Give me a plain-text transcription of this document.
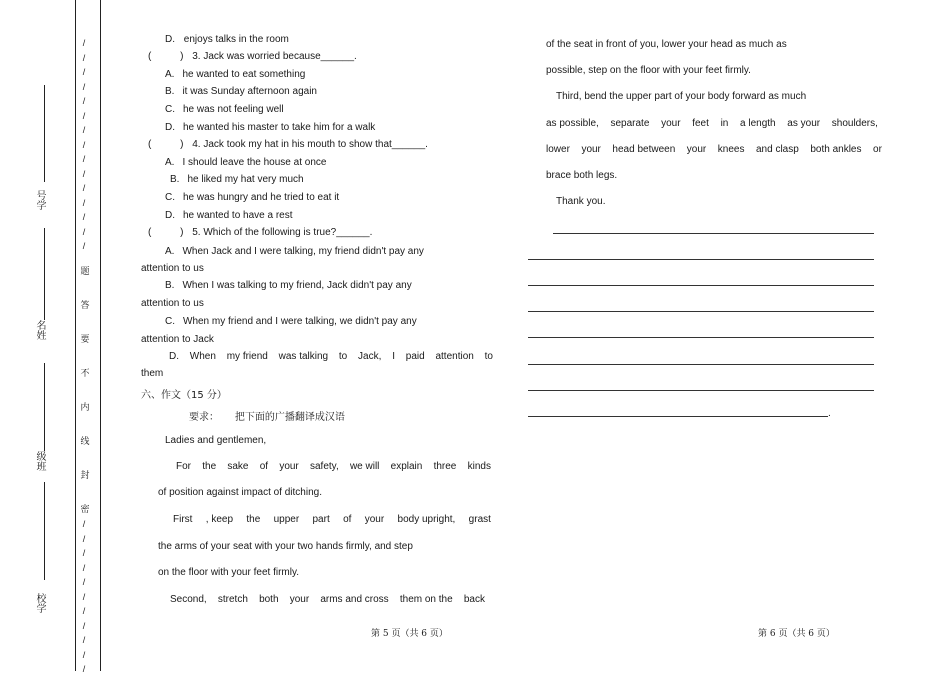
号学
名姓
级班
校学
/
/
/
/
/
/
/
/
/
/
/
/
/
/
/
题
答
要
不
内
线
封
密
/
/
/
/
/
/
/
/
/
/
/
D. enjoys talks in the room
(	) 3. Jack was worried because______.
A. he wanted to eat something
B. it was Sunday afternoon again
C. he was not feeling well
D. he wanted his master to take him for a walk
(	) 4. Jack took my hat in his mouth to show that______.
A. I should leave the house at once
B. he liked my hat very much
C. he was hungry and he tried to eat it
D. he wanted to have a rest
(	) 5. Which of the following is true?______.
A. When Jack and I were talking, my friend didn't pay any
attention to us
B. When I was talking to my friend, Jack didn't pay any
attention to us
C. When my friend and I were talking, we didn't pay any
attention to Jack
D. When my friend was talking to Jack, I paid attention to
them
六、作文（15 分）
要求：     把下面的广播翻译成汉语
Ladies and gentlemen,
For the sake of your safety, we will explain three kinds
of position against impact of ditching.
First , keep the upper part of your body upright, grast
the arms of your seat with your two hands firmly, and step
on the floor with your feet firmly.
Second, stretch both your arms and cross them on the back
of the seat in front of you, lower your head as much as
possible, step on the floor with your feet firmly.
Third, bend the upper part of your body forward as much
as possible, separate your feet in a length as your shoulders,
lower your head between your knees and clasp both ankles or
brace both legs.
Thank you.
.
第 5 页（共 6 页）	第 6 页（共 6 页）
